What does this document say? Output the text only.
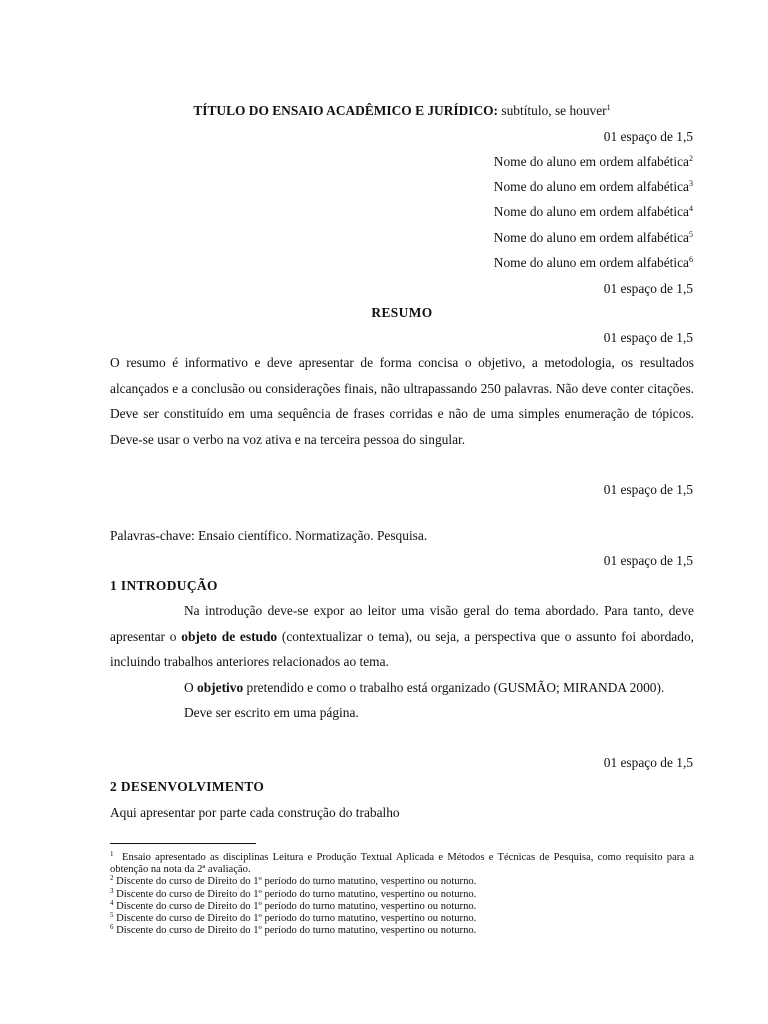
TÍTULO DO ENSAIO ACADÊMICO E JURÍDICO: subtítulo, se houver$^1$
01 espaço de 1,5
Nome do aluno em ordem alfabética$^2$
Nome do aluno em ordem alfabética$^3$
Nome do aluno em ordem alfabética$^4$
Nome do aluno em ordem alfabética$^5$
Nome do aluno em ordem alfabética$^6$
01 espaço de 1,5
RESUMO
01 espaço de 1,5

O resumo é informativo e deve apresentar de forma concisa o objetivo, a metodologia, os resultados alcançados e a conclusão ou considerações finais, não ultrapassando 250 palavras. Não deve conter citações. Deve ser constituído em uma sequência de frases corridas e não de uma simples enumeração de tópicos. Deve-se usar o verbo na voz ativa e na terceira pessoa do singular.

01 espaço de 1,5
Palavras-chave: Ensaio científico. Normatização. Pesquisa.
01 espaço de 1,5
1 INTRODUÇÃO

Na introdução deve-se expor ao leitor uma visão geral do tema abordado. Para tanto, deve apresentar o objeto de estudo (contextualizar o tema), ou seja, a perspectiva que o assunto foi abordado, incluindo trabalhos anteriores relacionados ao tema.

O objetivo pretendido e como o trabalho está organizado (GUSMÃO; MIRANDA 2000).

Deve ser escrito em uma página.

01 espaço de 1,5
2 DESENVOLVIMENTO
Aqui apresentar por parte cada construção do trabalho

$^1$ Ensaio apresentado as disciplinas Leitura e Produção Textual Aplicada e Métodos e Técnicas de Pesquisa, como requisito para a obtenção na nota da 2ª avaliação.

$^2$ Discente do curso de Direito do 1º período do turno matutino, vespertino ou noturno.

$^3$ Discente do curso de Direito do 1º período do turno matutino, vespertino ou noturno.

$^4$ Discente do curso de Direito do 1º período do turno matutino, vespertino ou noturno.

$^5$ Discente do curso de Direito do 1º período do turno matutino, vespertino ou noturno.

$^6$ Discente do curso de Direito do 1º período do turno matutino, vespertino ou noturno.
